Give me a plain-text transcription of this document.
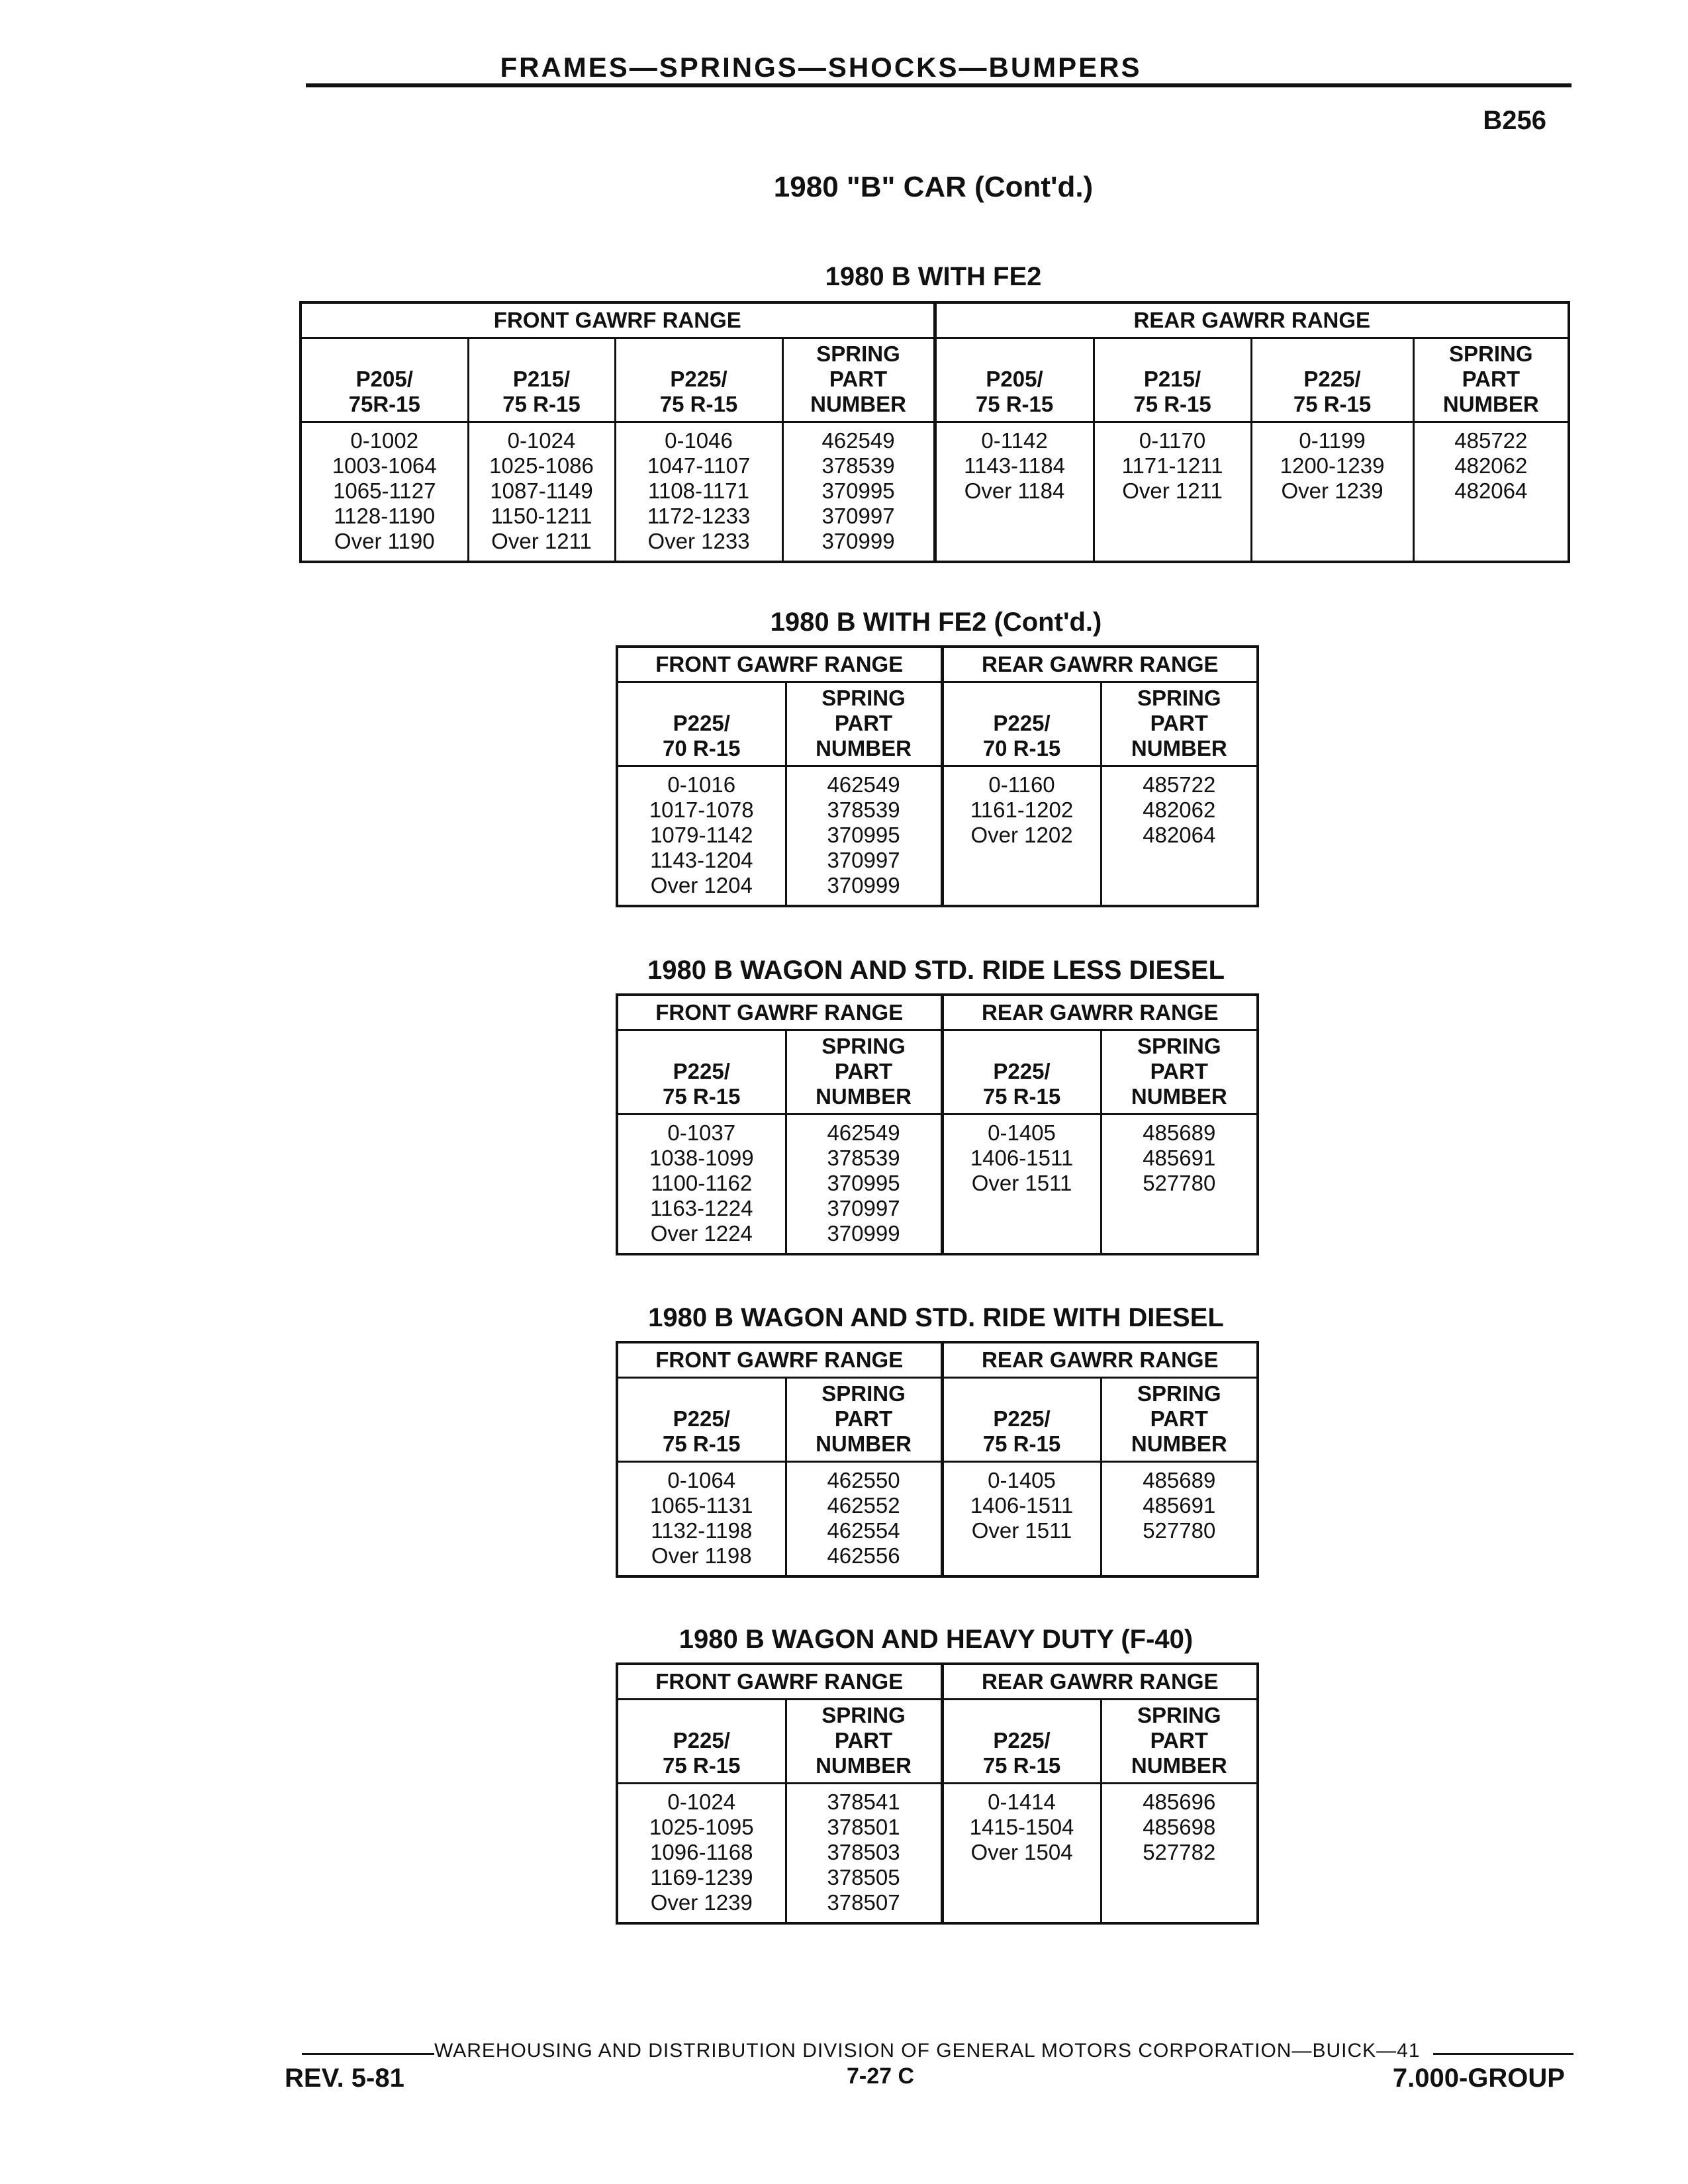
FRAMES—SPRINGS—SHOCKS—BUMPERS
B256
1980 "B" CAR (Cont'd.)
1980 B WITH FE2
FRONT GAWRF RANGE				REAR GAWRR RANGE			

P205/
75R-15	P215/
75 R-15	P225/
75 R-15	SPRING
PART
NUMBER	P205/
75 R-15	P215/
75 R-15	P225/
75 R-15	SPRING
PART
NUMBER

0-1002
1003-1064
1065-1127
1128-1190
Over 1190	0-1024
1025-1086
1087-1149
1150-1211
Over 1211	0-1046
1047-1107
1108-1171
1172-1233
Over 1233	462549
378539
370995
370997
370999	0-1142
1143-1184
Over 1184	0-1170
1171-1211
Over 1211	0-1199
1200-1239
Over 1239	485722
482062
482064

1980 B WITH FE2 (Cont'd.)
FRONT GAWRF RANGE		REAR GAWRR RANGE	

P225/
70 R-15	SPRING
PART
NUMBER	P225/
70 R-15	SPRING
PART
NUMBER

0-1016
1017-1078
1079-1142
1143-1204
Over 1204	462549
378539
370995
370997
370999	0-1160
1161-1202
Over 1202	485722
482062
482064

1980 B WAGON AND STD. RIDE LESS DIESEL
FRONT GAWRF RANGE		REAR GAWRR RANGE	

P225/
75 R-15	SPRING
PART
NUMBER	P225/
75 R-15	SPRING
PART
NUMBER

0-1037
1038-1099
1100-1162
1163-1224
Over 1224	462549
378539
370995
370997
370999	0-1405
1406-1511
Over 1511	485689
485691
527780

1980 B WAGON AND STD. RIDE WITH DIESEL
FRONT GAWRF RANGE		REAR GAWRR RANGE	

P225/
75 R-15	SPRING
PART
NUMBER	P225/
75 R-15	SPRING
PART
NUMBER

0-1064
1065-1131
1132-1198
Over 1198	462550
462552
462554
462556	0-1405
1406-1511
Over 1511	485689
485691
527780

1980 B WAGON AND HEAVY DUTY (F-40)
FRONT GAWRF RANGE		REAR GAWRR RANGE	

P225/
75 R-15	SPRING
PART
NUMBER	P225/
75 R-15	SPRING
PART
NUMBER

0-1024
1025-1095
1096-1168
1169-1239
Over 1239	378541
378501
378503
378505
378507	0-1414
1415-1504
Over 1504	485696
485698
527782

WAREHOUSING AND DISTRIBUTION DIVISION OF GENERAL MOTORS CORPORATION—BUICK—41
REV. 5-81	7-27 C	7.000-GROUP
